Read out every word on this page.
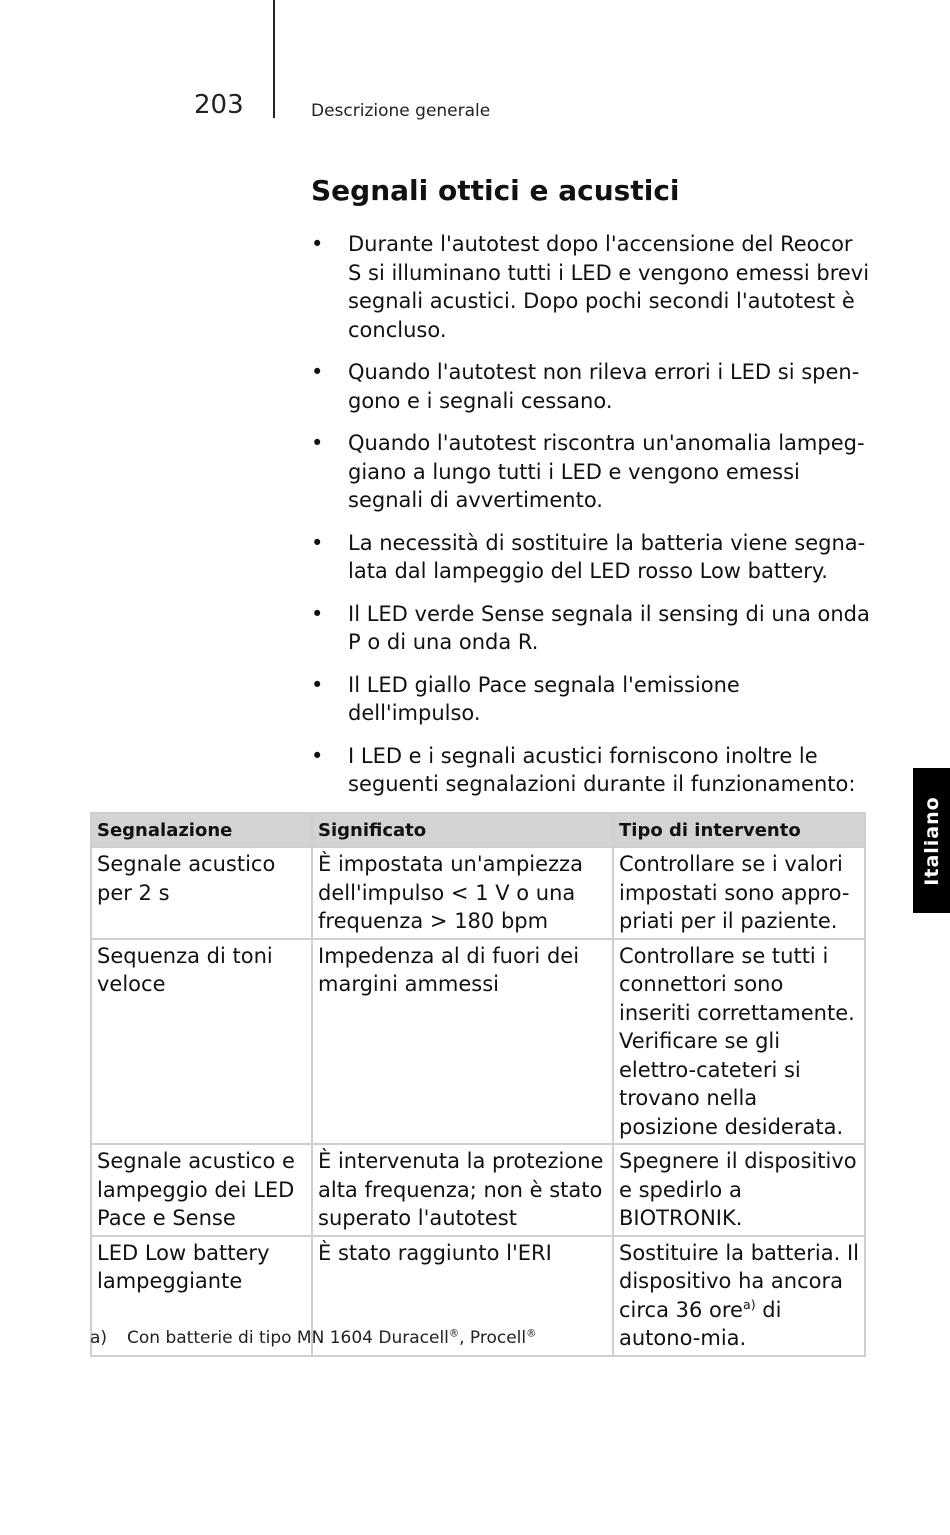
203	Descrizione generale
Segnali ottici e acustici
• Durante l'autotest dopo l'accensione del Reocor S si illuminano tutti i LED e vengono emessi brevi segnali acustici. Dopo pochi secondi l'autotest è concluso.
• Quando l'autotest non rileva errori i LED si spen-gono e i segnali cessano.
• Quando l'autotest riscontra un'anomalia lampeg-giano a lungo tutti i LED e vengono emessi segnali di avvertimento.
• La necessità di sostituire la batteria viene segna-lata dal lampeggio del LED rosso Low battery.
• Il LED verde Sense segnala il sensing di una onda P o di una onda R.
• Il LED giallo Pace segnala l'emissione dell'impulso.
• I LED e i segnali acustici forniscono inoltre le seguenti segnalazioni durante il funzionamento:
Italiano
Segnalazione	Significato	Tipo di intervento
Segnale acustico per 2 s	È impostata un'ampiezza dell'impulso < 1 V o una frequenza > 180 bpm	Controllare se i valori impostati sono appro-priati per il paziente.
Sequenza di toni veloce	Impedenza al di fuori dei margini ammessi	Controllare se tutti i connettori sono inseriti correttamente. Verificare se gli elettro-cateteri si trovano nella posizione desiderata.
Segnale acustico e lampeggio dei LED Pace e Sense	È intervenuta la protezione alta frequenza; non è stato superato l'autotest	Spegnere il dispositivo e spedirlo a BIOTRONIK.
LED Low battery lampeggiante	È stato raggiunto l'ERI	Sostituire la batteria. Il dispositivo ha ancora circa 36 ore$^{a)}$ di autono-mia.
a) Con batterie di tipo MN 1604 Duracell®, Procell®
